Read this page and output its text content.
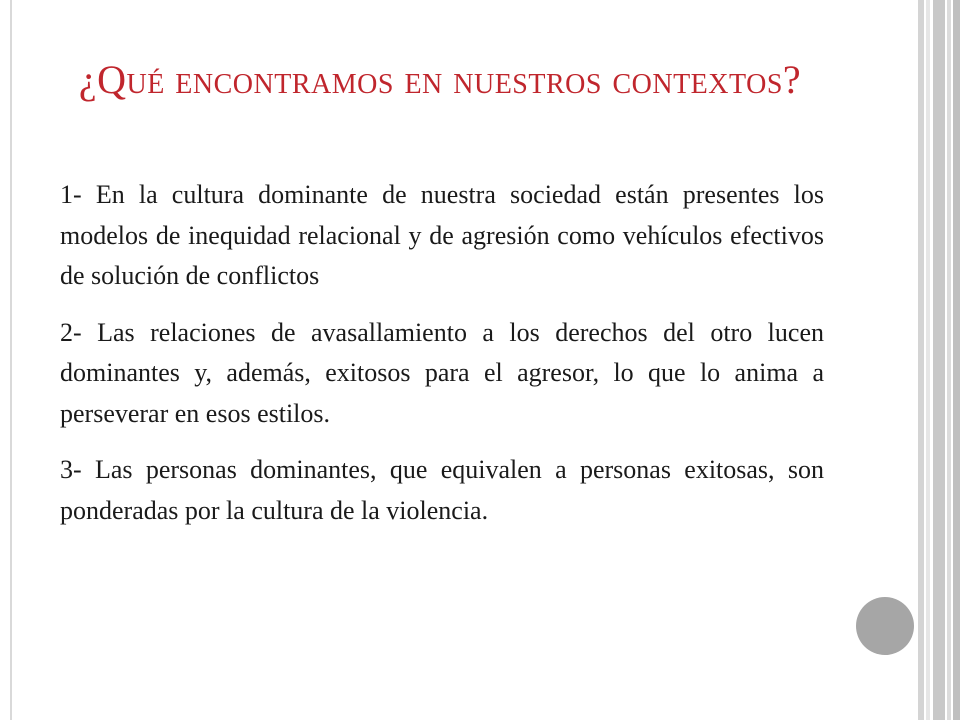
¿Qué encontramos en nuestros contextos?

1- En la cultura dominante de nuestra sociedad están presentes los modelos de inequidad relacional y de agresión como vehículos efectivos de solución de conflictos

2- Las relaciones de avasallamiento a los derechos del otro lucen dominantes y, además, exitosos para el agresor, lo que lo anima a perseverar en esos estilos.

3- Las personas dominantes, que equivalen a personas exitosas, son ponderadas por la cultura de la violencia.
